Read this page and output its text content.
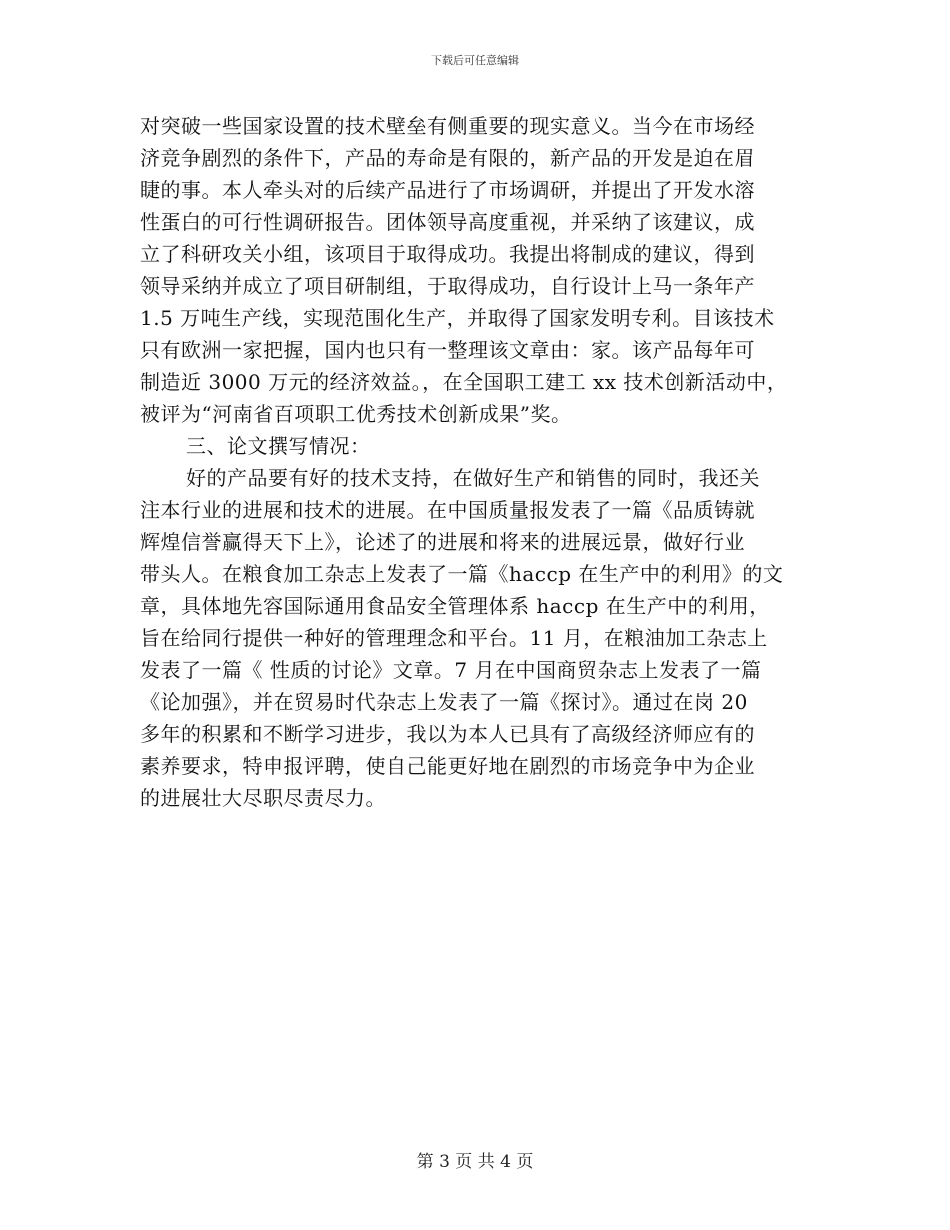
下载后可任意编辑
对突破一些国家设置的技术壁垒有侧重要的现实意义。当今在市场经
济竞争剧烈的条件下，产品的寿命是有限的，新产品的开发是迫在眉
睫的事。本人牵头对的后续产品进行了市场调研，并提出了开发水溶
性蛋白的可行性调研报告。团体领导高度重视，并采纳了该建议，成
立了科研攻关小组，该项目于取得成功。我提出将制成的建议，得到
领导采纳并成立了项目研制组，于取得成功，自行设计上马一条年产
1.5 万吨生产线，实现范围化生产，并取得了国家发明专利。目该技术
只有欧洲一家把握，国内也只有一整理该文章由：家。该产品每年可
制造近 3000 万元的经济效益。，在全国职工建工 xx 技术创新活动中，
被评为“河南省百项职工优秀技术创新成果”奖。
三、论文撰写情况：
好的产品要有好的技术支持，在做好生产和销售的同时，我还关
注本行业的进展和技术的进展。在中国质量报发表了一篇《品质铸就
辉煌信誉赢得天下上》，论述了的进展和将来的进展远景，做好行业
带头人。在粮食加工杂志上发表了一篇《haccp 在生产中的利用》的文
章，具体地先容国际通用食品安全管理体系 haccp 在生产中的利用，
旨在给同行提供一种好的管理理念和平台。11 月，在粮油加工杂志上
发表了一篇《 性质的讨论》文章。7 月在中国商贸杂志上发表了一篇
《论加强》，并在贸易时代杂志上发表了一篇《探讨》。通过在岗 20
多年的积累和不断学习进步，我以为本人已具有了高级经济师应有的
素养要求，特申报评聘，使自己能更好地在剧烈的市场竞争中为企业
的进展壮大尽职尽责尽力。
第 3 页 共 4 页
